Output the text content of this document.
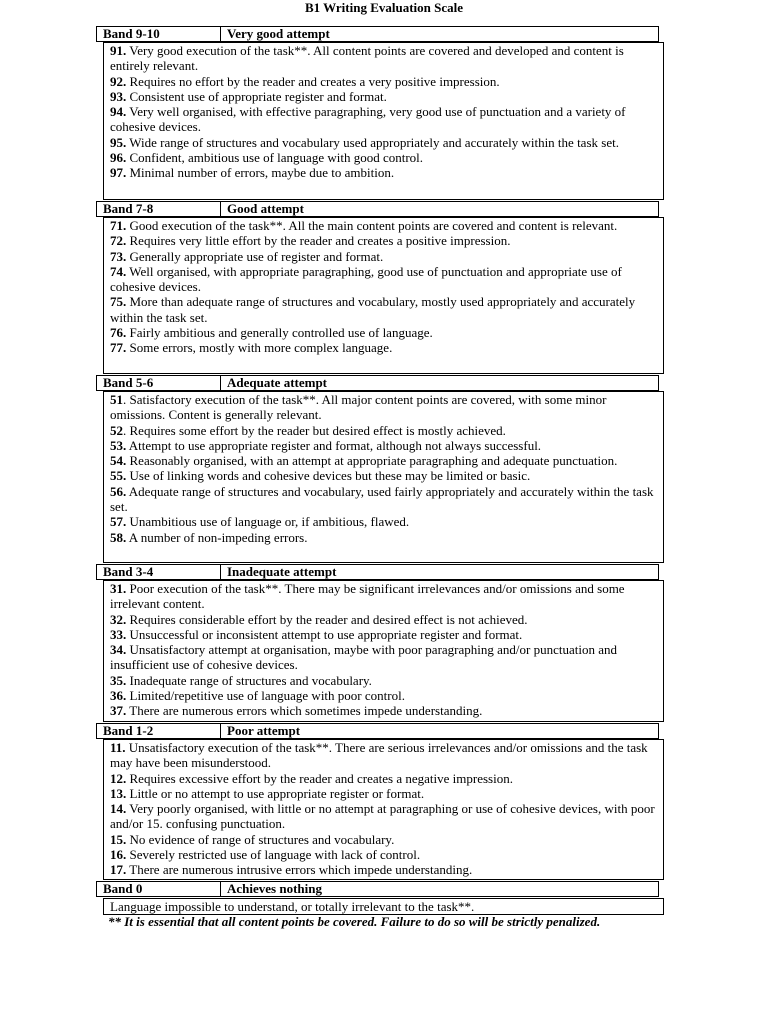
B1 Writing Evaluation Scale
Band 9-10	Very good attempt

91. Very good execution of the task**. All content points are covered and developed and content is entirely relevant.

92. Requires no effort by the reader and creates a very positive impression.

93. Consistent use of appropriate register and format.

94. Very well organised, with effective paragraphing, very good use of punctuation and a variety of cohesive devices.

95. Wide range of structures and vocabulary used appropriately and accurately within the task set.

96. Confident, ambitious use of language with good control.

97. Minimal number of errors, maybe due to ambition.

Band 7-8	Good attempt

71. Good execution of the task**. All the main content points are covered and content is relevant.

72. Requires very little effort by the reader and creates a positive impression.

73. Generally appropriate use of register and format.

74. Well organised, with appropriate paragraphing, good use of punctuation and appropriate use of cohesive devices.

75. More than adequate range of structures and vocabulary, mostly used appropriately and accurately within the task set.

76. Fairly ambitious and generally controlled use of language.

77. Some errors, mostly with more complex language.

Band 5-6	Adequate attempt

51. Satisfactory execution of the task**. All major content points are covered, with some minor omissions. Content is generally relevant.

52. Requires some effort by the reader but desired effect is mostly achieved.

53. Attempt to use appropriate register and format, although not always successful.

54. Reasonably organised, with an attempt at appropriate paragraphing and adequate punctuation.

55. Use of linking words and cohesive devices but these may be limited or basic.

56. Adequate range of structures and vocabulary, used fairly appropriately and accurately within the task set.

57. Unambitious use of language or, if ambitious, flawed.

58. A number of non-impeding errors.

Band 3-4	Inadequate attempt

31. Poor execution of the task**. There may be significant irrelevances and/or omissions and some irrelevant content.

32. Requires considerable effort by the reader and desired effect is not achieved.

33. Unsuccessful or inconsistent attempt to use appropriate register and format.

34. Unsatisfactory attempt at organisation, maybe with poor paragraphing and/or punctuation and insufficient use of cohesive devices.

35. Inadequate range of structures and vocabulary.

36. Limited/repetitive use of language with poor control.

37. There are numerous errors which sometimes impede understanding.

Band 1-2	Poor attempt

11. Unsatisfactory execution of the task**. There are serious irrelevances and/or omissions and the task may have been misunderstood.

12. Requires excessive effort by the reader and creates a negative impression.

13. Little or no attempt to use appropriate register or format.

14. Very poorly organised, with little or no attempt at paragraphing or use of cohesive devices, with poor and/or 15. confusing punctuation.

15. No evidence of range of structures and vocabulary.

16. Severely restricted use of language with lack of control.

17. There are numerous intrusive errors which impede understanding.

Band 0	Achieves nothing

Language impossible to understand, or totally irrelevant to the task**.

** It is essential that all content points be covered. Failure to do so will be strictly penalized.
